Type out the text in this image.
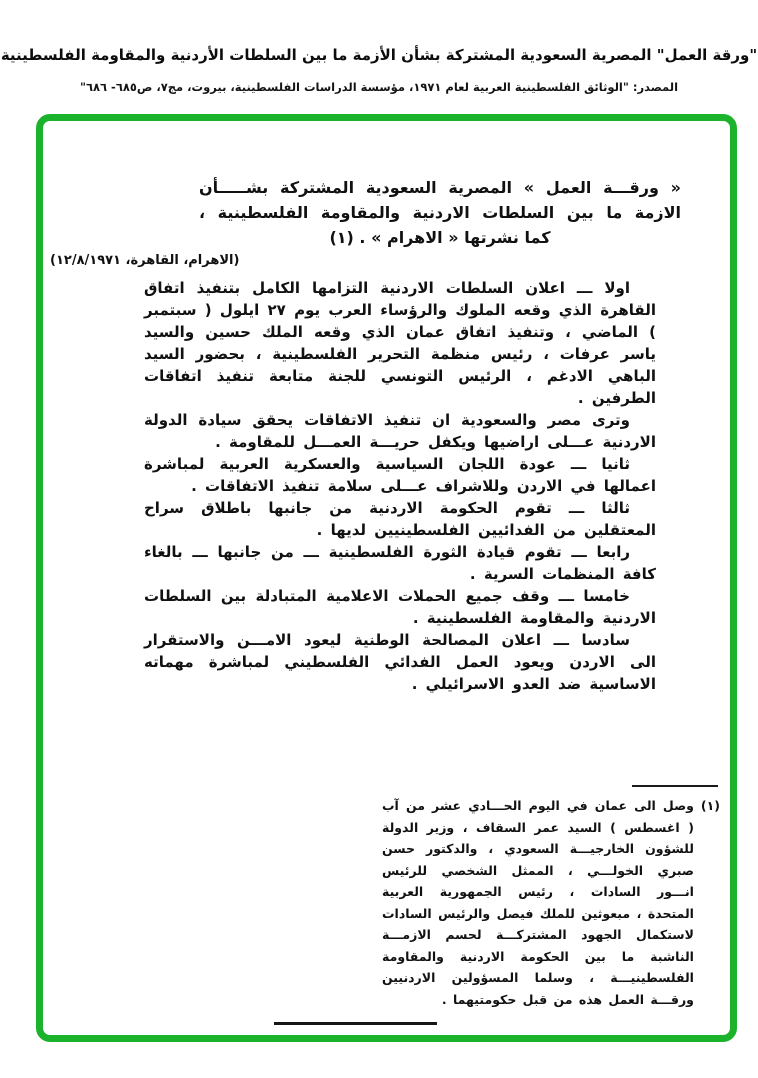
"ورقة العمل" المصرية السعودية المشتركة بشأن الأزمة ما بين السلطات الأردنية والمقاومة الفلسطينية
المصدر: "الوثائق الفلسطينية العربية لعام ١٩٧١، مؤسسة الدراسات الفلسطينية، بيروت، مج٧، ص٦٨٥- ٦٨٦"
« ورقـــة العمل » المصرية السعودية المشتركة بشـــــأن
الازمة ما بين السلطات الاردنية والمقاومة الفلسطينية ،
كما نشرتها « الاهرام » . (١)
(الاهرام، القاهرة، ١٢/٨/١٩٧١)

اولا ـــ اعلان السلطات الاردنية التزامها الكامل بتنفيذ اتفاق القاهرة الذي وقعه الملوك والرؤساء العرب يوم ٢٧ ايلول ( سبتمبر ) الماضي ، وتنفيذ اتفاق عمان الذي وقعه الملك حسين والسيد ياسر عرفات ، رئيس منظمة التحرير الفلسطينية ، بحضور السيد الباهي الادغم ، الرئيس التونسي للجنة متابعة تنفيذ اتفاقات الطرفين .

وترى مصر والسعودية ان تنفيذ الاتفاقات يحقق سيادة الدولة الاردنية عـــلى اراضيها ويكفل حريـــة العمـــل للمقاومة .

ثانيا ـــ عودة اللجان السياسية والعسكرية العربية لمباشرة اعمالها في الاردن وللاشراف عـــلى سلامة تنفيذ الاتفاقات .

ثالثا ـــ تقوم الحكومة الاردنية من جانبها باطلاق سراح المعتقلين من الفدائيين الفلسطينيين لديها .

رابعا ـــ تقوم قيادة الثورة الفلسطينية ـــ من جانبها ـــ بالغاء كافة المنظمات السرية .

خامسا ـــ وقف جميع الحملات الاعلامية المتبادلة بين السلطات الاردنية والمقاومة الفلسطينية .

سادسا ـــ اعلان المصالحة الوطنية ليعود الامـــن والاستقرار الى الاردن ويعود العمل الفدائي الفلسطيني لمباشرة مهماته الاساسية ضد العدو الاسرائيلي .

(١)
وصل الى عمان في اليوم الحـــادي عشر من آب ( اغسطس ) السيد عمر السقاف ، وزير الدولة للشؤون الخارجيـــة السعودي ، والدكتور حسن صبري الخولـــي ، الممثل الشخصي للرئيس انـــور السادات ، رئيس الجمهورية العربية المتحدة ، مبعوثين للملك فيصل والرئيس السادات لاستكمال الجهود المشتركـــة لحسم الازمـــة الناشبة ما بين الحكومة الاردنية والمقاومة الفلسطينيـــة ، وسلما المسؤولين الاردنيين ورقـــة العمل هذه من قبل حكومتيهما .
